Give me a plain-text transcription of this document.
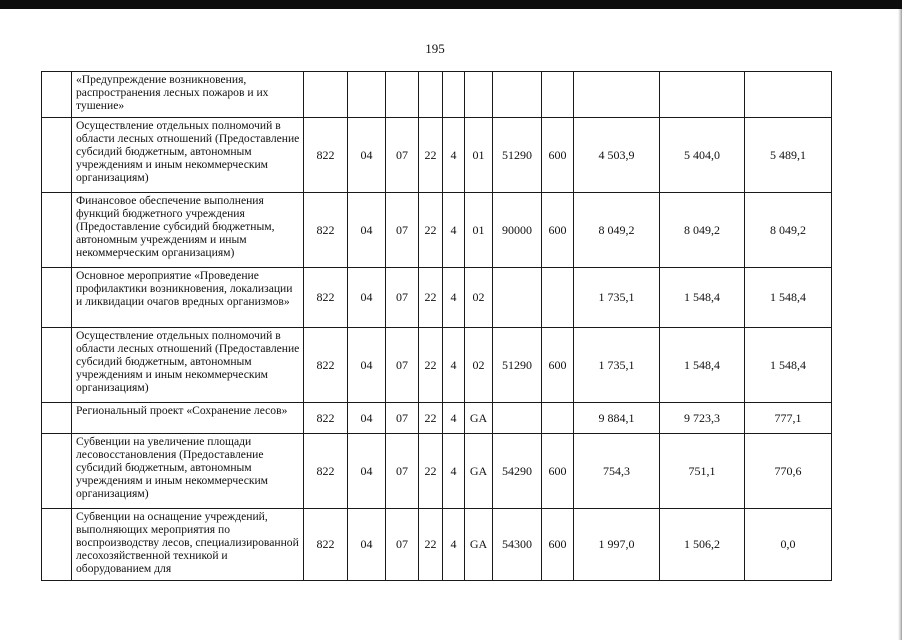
195
	«Предупреждение возникновения, распространения лесных пожаров и их тушение»											
	Осуществление отдельных полномочий в области лесных отношений (Предоставление субсидий бюджетным, автономным учреждениям и иным некоммерческим организациям)	822	04	07	22	4	01	51290	600	4 503,9	5 404,0	5 489,1
	Финансовое обеспечение выполнения функций бюджетного учреждения (Предоставление субсидий бюджетным, автономным учреждениям и иным некоммерческим организациям)	822	04	07	22	4	01	90000	600	8 049,2	8 049,2	8 049,2
	Основное мероприятие «Проведение профилактики возникновения, локализации и ликвидации очагов вредных организмов»	822	04	07	22	4	02			1 735,1	1 548,4	1 548,4
	Осуществление отдельных полномочий в области лесных отношений (Предоставление субсидий бюджетным, автономным учреждениям и иным некоммерческим организациям)	822	04	07	22	4	02	51290	600	1 735,1	1 548,4	1 548,4
	Региональный проект «Сохранение лесов»	822	04	07	22	4	GA			9 884,1	9 723,3	777,1
	Субвенции на увеличение площади лесовосстановления (Предоставление субсидий бюджетным, автономным учреждениям и иным некоммерческим организациям)	822	04	07	22	4	GA	54290	600	754,3	751,1	770,6
	Субвенции на оснащение учреждений, выполняющих мероприятия по воспроизводству лесов, специализированной лесохозяйственной техникой и оборудованием для	822	04	07	22	4	GA	54300	600	1 997,0	1 506,2	0,0
